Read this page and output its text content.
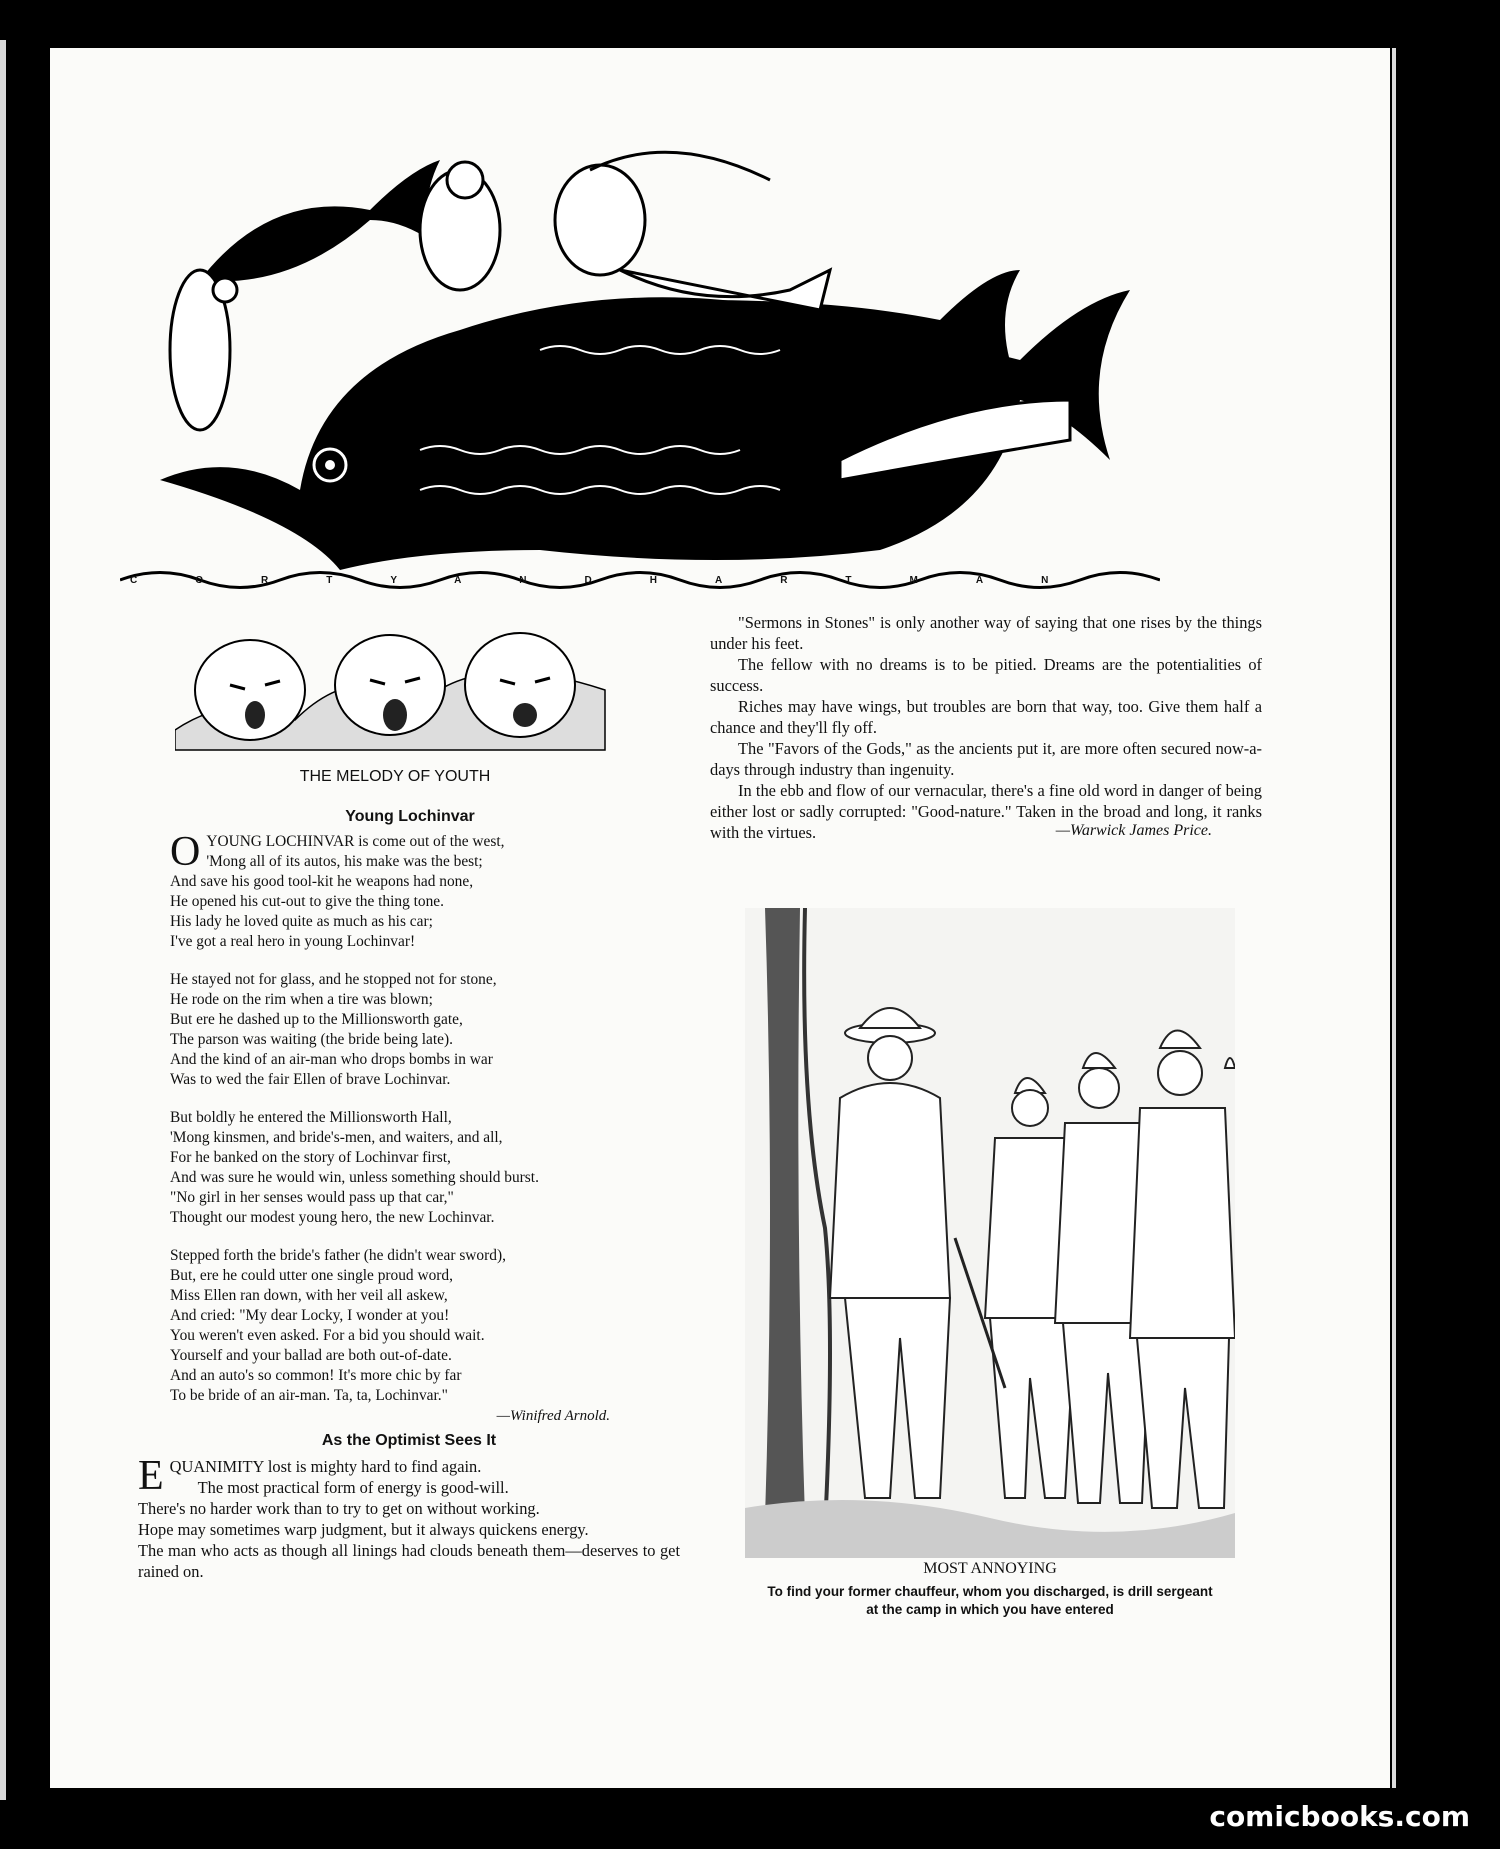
CORTYANDHARTMAN
THE MELODY OF YOUTH
Young Lochinvar
O YOUNG LOCHINVAR is come out of the west,

'Mong all of its autos, his make was the best;

And save his good tool-kit he weapons had none,

He opened his cut-out to give the thing tone.

His lady he loved quite as much as his car;

I've got a real hero in young Lochinvar!

He stayed not for glass, and he stopped not for stone,

He rode on the rim when a tire was blown;

But ere he dashed up to the Millionsworth gate,

The parson was waiting (the bride being late).

And the kind of an air-man who drops bombs in war

Was to wed the fair Ellen of brave Lochinvar.

But boldly he entered the Millionsworth Hall,

'Mong kinsmen, and bride's-men, and waiters, and all,

For he banked on the story of Lochinvar first,

And was sure he would win, unless something should burst.

"No girl in her senses would pass up that car,"

Thought our modest young hero, the new Lochinvar.

Stepped forth the bride's father (he didn't wear sword),

But, ere he could utter one single proud word,

Miss Ellen ran down, with her veil all askew,

And cried: "My dear Locky, I wonder at you!

You weren't even asked. For a bid you should wait.

Yourself and your ballad are both out-of-date.

And an auto's so common! It's more chic by far

To be bride of an air-man. Ta, ta, Lochinvar."

—Winifred Arnold.
As the Optimist Sees It
E QUANIMITY lost is mighty hard to find again.

The most practical form of energy is good-will.

There's no harder work than to try to get on without working.

Hope may sometimes warp judgment, but it always quickens energy.

The man who acts as though all linings had clouds beneath them—deserves to get rained on.

"Sermons in Stones" is only another way of saying that one rises by the things under his feet.

The fellow with no dreams is to be pitied. Dreams are the potentialities of success.

Riches may have wings, but troubles are born that way, too. Give them half a chance and they'll fly off.

The "Favors of the Gods," as the ancients put it, are more often secured now-a-days through industry than ingenuity.

In the ebb and flow of our vernacular, there's a fine old word in danger of being either lost or sadly corrupted: "Good-nature." Taken in the broad and long, it ranks with the virtues.	—Warwick James Price.
MOST ANNOYING
To find your former chauffeur, whom you discharged, is drill sergeant
at the camp in which you have entered
comicbooks.com
